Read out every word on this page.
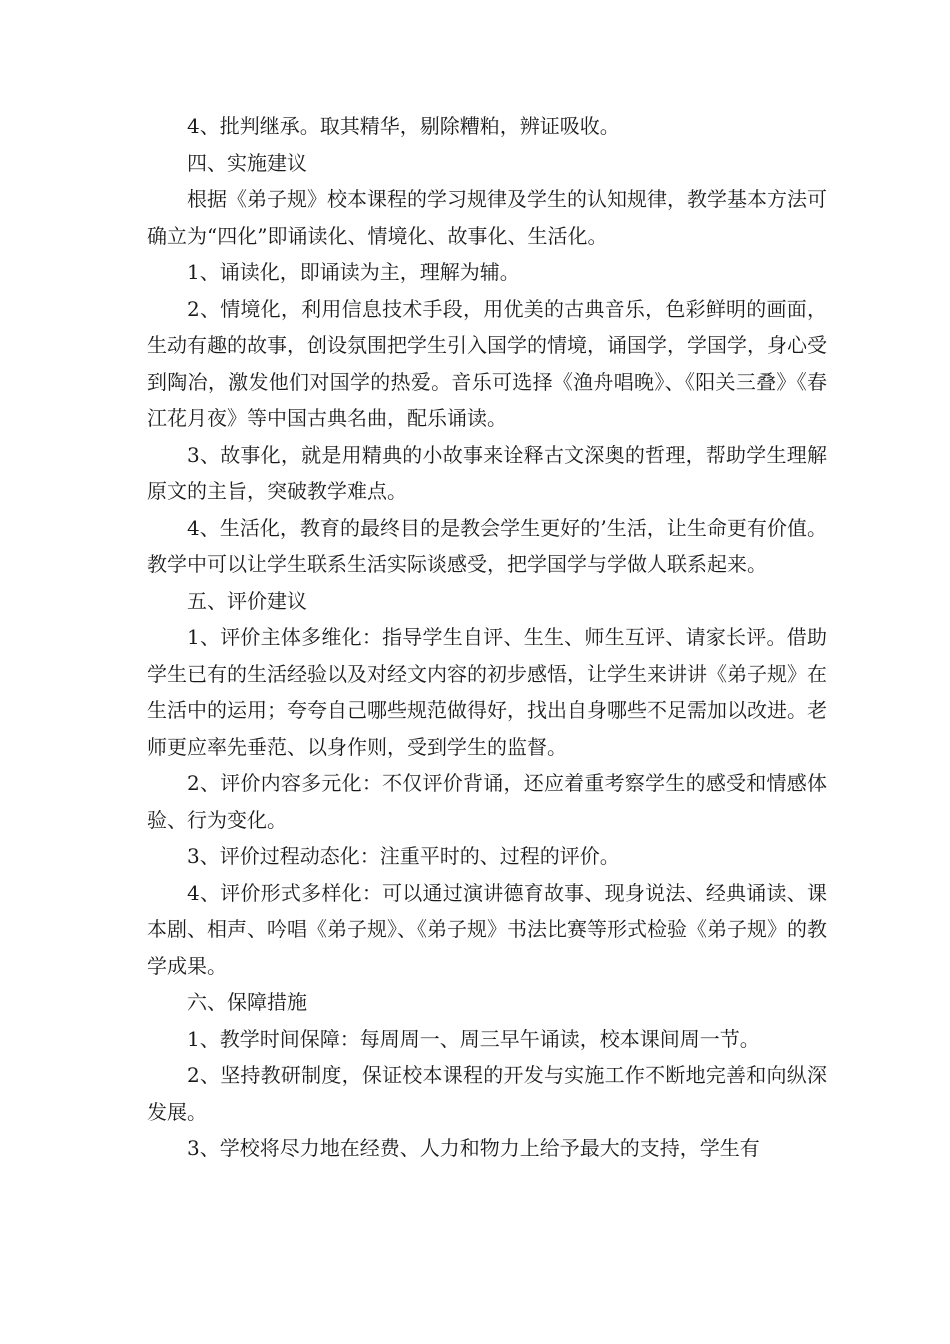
4、批判继承。取其精华，剔除糟粕，辨证吸收。

四、实施建议

根据《弟子规》校本课程的学习规律及学生的认知规律，教学基本方法可确立为“四化”即诵读化、情境化、故事化、生活化。

1、诵读化，即诵读为主，理解为辅。

2、情境化，利用信息技术手段，用优美的古典音乐，色彩鲜明的画面，生动有趣的故事，创设氛围把学生引入国学的情境，诵国学，学国学，身心受到陶冶，激发他们对国学的热爱。音乐可选择《渔舟唱晚》、《阳关三叠》《春江花月夜》等中国古典名曲，配乐诵读。

3、故事化，就是用精典的小故事来诠释古文深奥的哲理，帮助学生理解原文的主旨，突破教学难点。

4、生活化，教育的最终目的是教会学生更好的’生活，让生命更有价值。教学中可以让学生联系生活实际谈感受，把学国学与学做人联系起来。

五、评价建议

1、评价主体多维化：指导学生自评、生生、师生互评、请家长评。借助学生已有的生活经验以及对经文内容的初步感悟，让学生来讲讲《弟子规》在生活中的运用；夸夸自己哪些规范做得好，找出自身哪些不足需加以改进。老师更应率先垂范、以身作则，受到学生的监督。

2、评价内容多元化：不仅评价背诵，还应着重考察学生的感受和情感体验、行为变化。

3、评价过程动态化：注重平时的、过程的评价。

4、评价形式多样化：可以通过演讲德育故事、现身说法、经典诵读、课本剧、相声、吟唱《弟子规》、《弟子规》书法比赛等形式检验《弟子规》的教学成果。

六、保障措施

1、教学时间保障：每周周一、周三早午诵读，校本课间周一节。

2、坚持教研制度，保证校本课程的开发与实施工作不断地完善和向纵深发展。

3、学校将尽力地在经费、人力和物力上给予最大的支持，学生有
